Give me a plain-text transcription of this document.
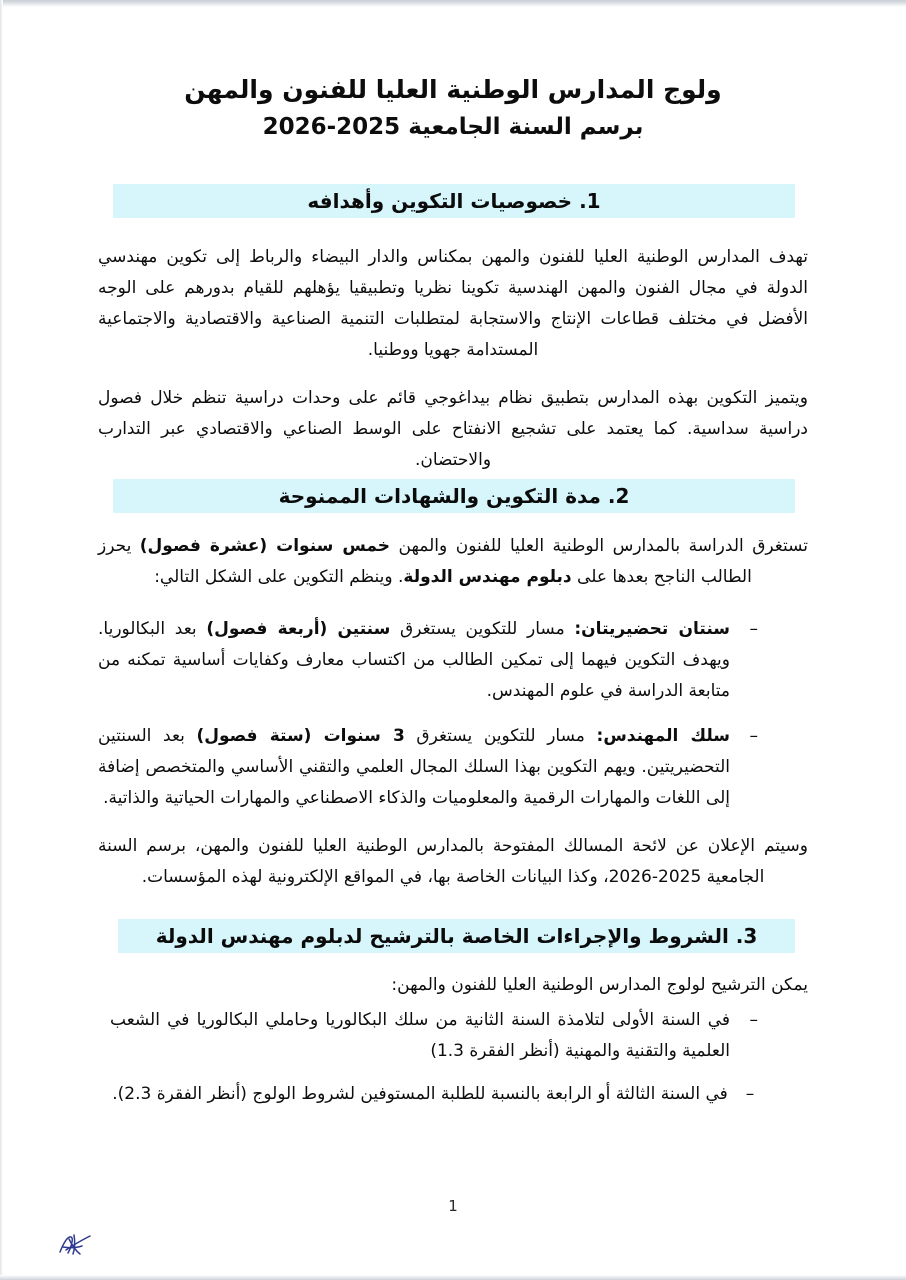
ولوج المدارس الوطنية العليا للفنون والمهن
برسم السنة الجامعية 2025-2026
1. خصوصيات التكوين وأهدافه
تهدف المدارس الوطنية العليا للفنون والمهن بمكناس والدار البيضاء والرباط إلى تكوين مهندسي الدولة في مجال الفنون والمهن الهندسية تكوينا نظريا وتطبيقيا يؤهلهم للقيام بدورهم على الوجه الأفضل في مختلف قطاعات الإنتاج والاستجابة لمتطلبات التنمية الصناعية والاقتصادية والاجتماعية المستدامة جهويا ووطنيا.
ويتميز التكوين بهذه المدارس بتطبيق نظام بيداغوجي قائم على وحدات دراسية تنظم خلال فصول دراسية سداسية. كما يعتمد على تشجيع الانفتاح على الوسط الصناعي والاقتصادي عبر التدارب والاحتضان.
2. مدة التكوين والشهادات الممنوحة
تستغرق الدراسة بالمدارس الوطنية العليا للفنون والمهن خمس سنوات (عشرة فصول) يحرز الطالب الناجح بعدها على دبلوم مهندس الدولة. وينظم التكوين على الشكل التالي:
–
سنتان تحضيريتان: مسار للتكوين يستغرق سنتين (أربعة فصول) بعد البكالوريا. ويهدف التكوين فيهما إلى تمكين الطالب من اكتساب معارف وكفايات أساسية تمكنه من متابعة الدراسة في علوم المهندس.
–
سلك المهندس: مسار للتكوين يستغرق 3 سنوات (ستة فصول) بعد السنتين التحضيريتين. ويهم التكوين بهذا السلك المجال العلمي والتقني الأساسي والمتخصص إضافة إلى اللغات والمهارات الرقمية والمعلوميات والذكاء الاصطناعي والمهارات الحياتية والذاتية.
وسيتم الإعلان عن لائحة المسالك المفتوحة بالمدارس الوطنية العليا للفنون والمهن، برسم السنة الجامعية 2025-2026، وكذا البيانات الخاصة بها، في المواقع الإلكترونية لهذه المؤسسات.
3. الشروط والإجراءات الخاصة بالترشيح لدبلوم مهندس الدولة
يمكن الترشيح لولوج المدارس الوطنية العليا للفنون والمهن:
–
في السنة الأولى لتلامذة السنة الثانية من سلك البكالوريا وحاملي البكالوريا في الشعب العلمية والتقنية والمهنية (أنظر الفقرة 1.3)
–
في السنة الثالثة أو الرابعة بالنسبة للطلبة المستوفين لشروط الولوج (أنظر الفقرة 2.3).
1
